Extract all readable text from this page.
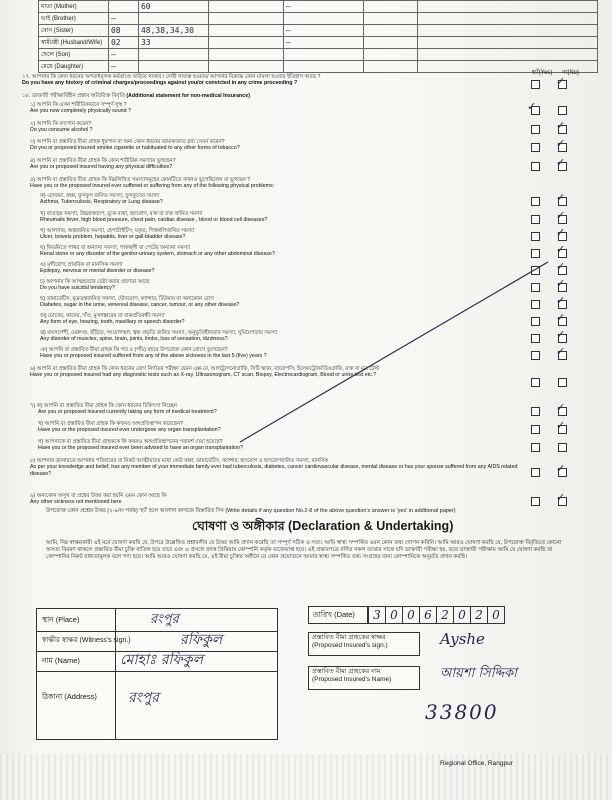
মাতা (Mother)		60		—		
ভাই (Brother)	—					
বোন (Sister)	08	48,38,34,30		—		
স্বামী/স্ত্রী (Husband/Wife)	02	33		—		
ছেলে (Son)	—					
মেয়ে (Daughter)	—					
হ্যাঁ(Yes) না(No)
১৭. আপনার কি কোন ধরনের অপরাধমূলক কর্মকাণ্ডে জড়িত থাকার / দোষী সাব্যস্ত হওয়ার/ আপনার বিরুদ্ধে কোন মামলা হওয়ার ইতিহাস আছে ?
Do you have any history of criminal charges/proceedings against you/or convicted in any crime proceeding ?	✓
১৮. ডাক্তারী পরীক্ষাবিহীন প্রস্তাব অতিরিক্ত বিবৃতি (Additional statement for non-medical Insurance)
১) আপনি কি এখন শারীরিকভাবে সম্পূর্ণ সুস্থ ?
Are you now completely physically sound ?	✓
২) আপনি কি মদ্যপান করেন?
Do you consume alcohol ?	✓
৩) আপনি বা প্রস্তাবিত বীমা গ্রাহক ধূমপান বা অন্য কোন ধরনের তামাকজাত দ্রব্য সেবন করেন?
Do you or proposed insured smoke cigarette or habituated to any other forms of tobacco?	✓
৪) আপনি বা প্রস্তাবিত বীমা গ্রাহক কি কোন শারীরিক সমস্যায় ভুগছেন?
Are you or proposed insured having any physical difficulties?	✓
৫) আপনি বা প্রস্তাবিত বীমা গ্রাহক কি নিম্নলিখিত সমস্যাসমূহের কোনটিতে কখনও ভুগেছিলেন বা ভুগছেন ?
Have you or the proposed insured ever suffered or suffering from any of the following physical problems:
ক) এ্যাজমা, যক্ষা, ফুসফুস জনিত সমস্যা, ফুসফুসের সমস্যা
Asthma, Tuberculosis, Respiratory or Lung disease?	✓
খ) বাতজ্বর সমস্যা, উচ্চরক্তচাপ, বুকে ব্যথা, হৃদরোগ, রক্ত বা রক্ত জনিত সমস্যা
Rheumatic fever, high blood pressure, chest pain, cardiac disease , blood or blood cell diseases?	✓
গ) আলসার, অন্ত্রজনিত সমস্যা, হেপাটাইটিস, যকৃত, পিত্তথলিজনিত সমস্যা
Ulcer, bowels problem, hepatitis, liver or gall-bladder disease?	✓
ঘ) কিডনিতে পাথর বা অন্যান্য সমস্যা, পাকস্থলী বা পেটের অন্যান্য সমস্যা
Renal stone or any disorder of the genitor-urinary system, stomach or any other abdominal disease?	✓
ঙ) মৃগীরোগ, স্নায়বিক বা মানসিক সমস্যা
Epilepsy, nervous or mental disorder or disease?	✓
চ) আপনার কি আত্মহত্যার চেষ্টা করার প্রবণতা আছে
Do you have suicidal tendency?	✓
ছ) ডায়াবেটিস, মূত্রতন্ত্রজনিত সমস্যা, যৌনরোগ, ক্যান্সার, টিউমার বা অন্যকোন রোগ
Diabetes, sugar in the urine, venereal disease, cancer, tumour, or any other disease?	✓
জ) চোখের, কানের, দাঁত, মুখগহ্বরের বা বাকপ্রতিবন্ধী সমস্যা
Any form of eye, hearing, tooth, maxillary or speech disorder?	✓
ঝ) মাংসপেশী, মেরুদণ্ড, হাঁড়িড়, সংযোগস্থল, ত্বক প্রভৃতি জনিত সমস্যা, অনুভূতিহীনতার সমস্যা, ঘুমিয়েপড়ার সমস্যা
Any disorder of muscles, spine, brain, joints, limbs, loss of sensation, dizziness?	✓
ঞ) আপনি বা প্রস্তাবিত বীমা গ্রাহক কি গত ৫ (পাঁচ) বছরে উপরোক্ত কোন রোগে ভুগেছেন?
Have you or proposed insured suffered from any of the above sickness in the last 5 (five) years ?	✓
৬) আপনি বা প্রস্তাবিত বীমা গ্রাহক কি কোন ধরনের রোগ নির্ণয়ের পরীক্ষা যেমন এক্স-রে, আলট্রাসনোগ্রাফি, সিটি স্ক্যান, বায়োপসি, ইলেকট্রোকার্ডিওগ্রাফি, রক্ত বা মূত্র টেস্ট
Have you or proposed insured had any diagnostic tests such as X-ray, Ultrasonogram, CT scan, Biopsy, Electrocardiogram, Blood or urine test etc.?
৭) ক) আপনি বা প্রস্তাবিত বীমা গ্রাহক কি কোন ধরনের চিকিৎসা নিচ্ছেন
Are you or proposed insured currently taking any form of medical treatment?	✓
খ) আপনি বা প্রস্তাবিত বীমা গ্রাহক কি কখনও অঙ্গপ্রতিস্থাপন করেছেন?
Have you or the proposed insured ever undergone any organ transplantation?	✓
গ) আপনাকে বা প্রস্তাবিত বীমা গ্রাহককে কি কখনও অঙ্গপ্রতিস্থাপনের পরামর্শ দেয়া হয়েছে?
Have you or the proposed insured ever been advised to have an organ transplantation?
৮) আপনার জানামতে আপনার পরিবারের বা নিকট আত্মীয়দের মধ্যে কেউ যক্ষা, ডায়াবেটিস, ক্যান্সার, হৃদরোগ ও হৃদরোগজনিত সমস্যা, মানসিক
As per your knowledge and belief, has any member of your immediate family ever had tuberculosis, diabetes, cancer cardiovascular disease, mental disease or has your spouse suffered from any AIDS related disease?	✓
৯) অন্যকোন অসুখ বা প্রশ্নের উত্তর করা হয়নি এমন কোন আছে কি
Any other sickness not mentioned here	✓
উপরোক্ত কোন প্রশ্নের উত্তর (২-৯নং পর্যন্ত) 'হ্যাঁ' হলে আলাদা কাগজে বিস্তারিত দিন (Write details if any question No.2-8 of the above question's answer is 'yes' in additional paper)
ঘোষণা ও অঙ্গীকার (Declaration & Undertaking)
আমি, নিম্ন স্বাক্ষরকারী এই মর্মে ঘোষণা করছি যে, উপরে উল্লেখিত প্রশ্নাবলীর যে উত্তর আমি প্রদান করেছি তা সম্পূর্ণ সঠিক ও সত্য। আমি স্বাস্থ্য সম্পর্কিত এমন কোন তথ্য গোপন করিনি। আমি আরও ঘোষণা করছি যে, উপরোক্ত বিবৃতিতে কোনো অসত্য বিবরণ থাকলে প্রস্তাবিত বীমা চুক্তি বাতিল হয়ে যাবে এবং এ প্রসঙ্গে প্রদত্ত প্রিমিয়াম কোম্পানি কর্তৃক বাজেয়াপ্ত হবে। এই প্রস্তাবপত্রে বর্ণিত সকল তথ্যের সাথে যদি ডাক্তারী পরীক্ষা হয়, তবে ডাক্তারী পরীক্ষায় আমি যে ঘোষণা করছি তা কোম্পানির নিকট বাধ্যতামূলক বলে গণ্য হবে। আমি আরও ঘোষণা করছি যে, এই বীমা চুক্তির অধীনে যে কোন প্রয়োজনে আমার স্বাস্থ্য সম্পর্কিত তথ্য সংগ্রহের জন্য কোম্পানিকে অনুমতি প্রদান করছি।
স্থান (Place)	রংপুর
স্বাক্ষীর স্বাক্ষর (Witness's sign.)	রফিকুল
নাম (Name)	মোহাঃ রফিকুল
ঠিকানা (Address) রংপুর
তারিখ (Date)	3 0 0 6 2 0 2 0
প্রস্তাবিত বীমা গ্রাহকের স্বাক্ষর
(Proposed Insured's sign.)	Ayshe
প্রস্তাবিত বীমা গ্রাহকের নাম
(Proposed Insured's Name)	আয়শা সিদ্দিকা
33800
Regional Office, Rangpur
